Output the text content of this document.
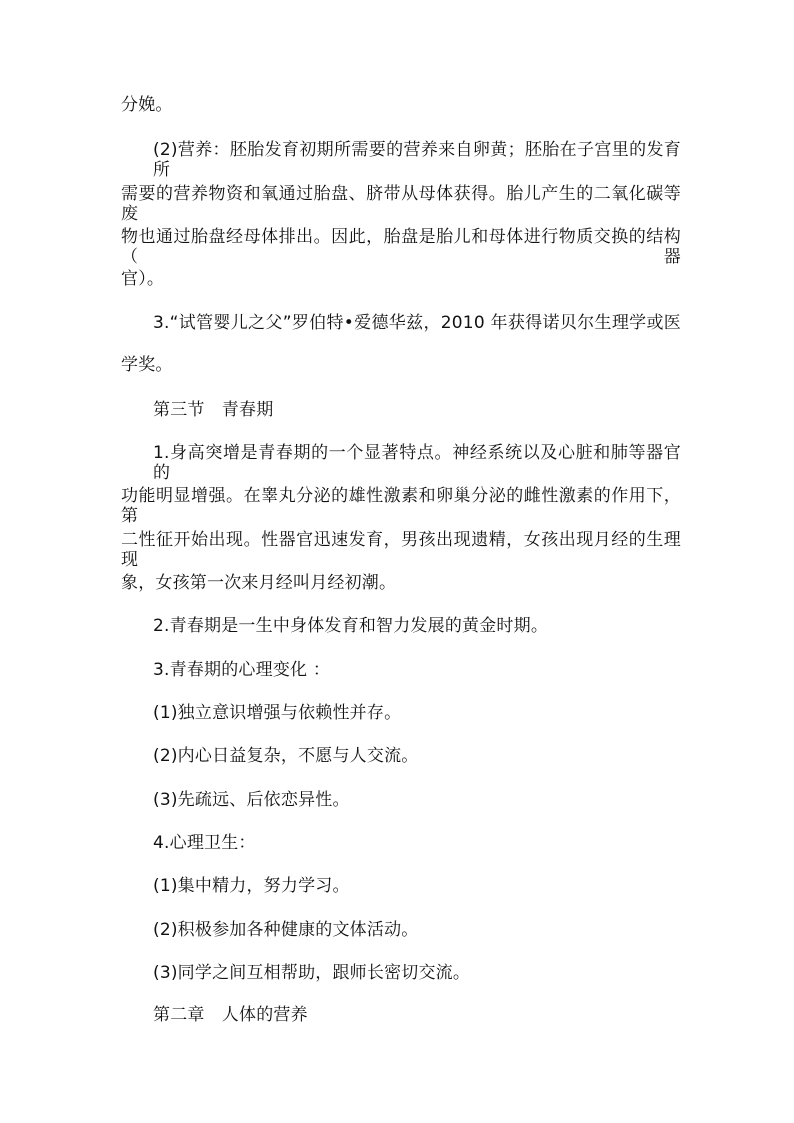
分娩。
(2)营养：胚胎发育初期所需要的营养来自卵黄；胚胎在子宫里的发育所
需要的营养物资和氧通过胎盘、脐带从母体获得。胎儿产生的二氧化碳等废
物也通过胎盘经母体排出。因此，胎盘是胎儿和母体进行物质交换的结构（器
官）。
3.“试管婴儿之父”罗伯特•爱德华兹，2010 年获得诺贝尔生理学或医
学奖。
第三节　青春期
1.身高突增是青春期的一个显著特点。神经系统以及心脏和肺等器官的
功能明显增强。在睾丸分泌的雄性激素和卵巢分泌的雌性激素的作用下，第
二性征开始出现。性器官迅速发育，男孩出现遗精，女孩出现月经的生理现
象，女孩第一次来月经叫月经初潮。
2.青春期是一生中身体发育和智力发展的黄金时期。
3.青春期的心理变化 ：
(1)独立意识增强与依赖性并存。
(2)内心日益复杂，不愿与人交流。
(3)先疏远、后依恋异性。
4.心理卫生：
(1)集中精力，努力学习。
(2)积极参加各种健康的文体活动。
(3)同学之间互相帮助，跟师长密切交流。
第二章　人体的营养
